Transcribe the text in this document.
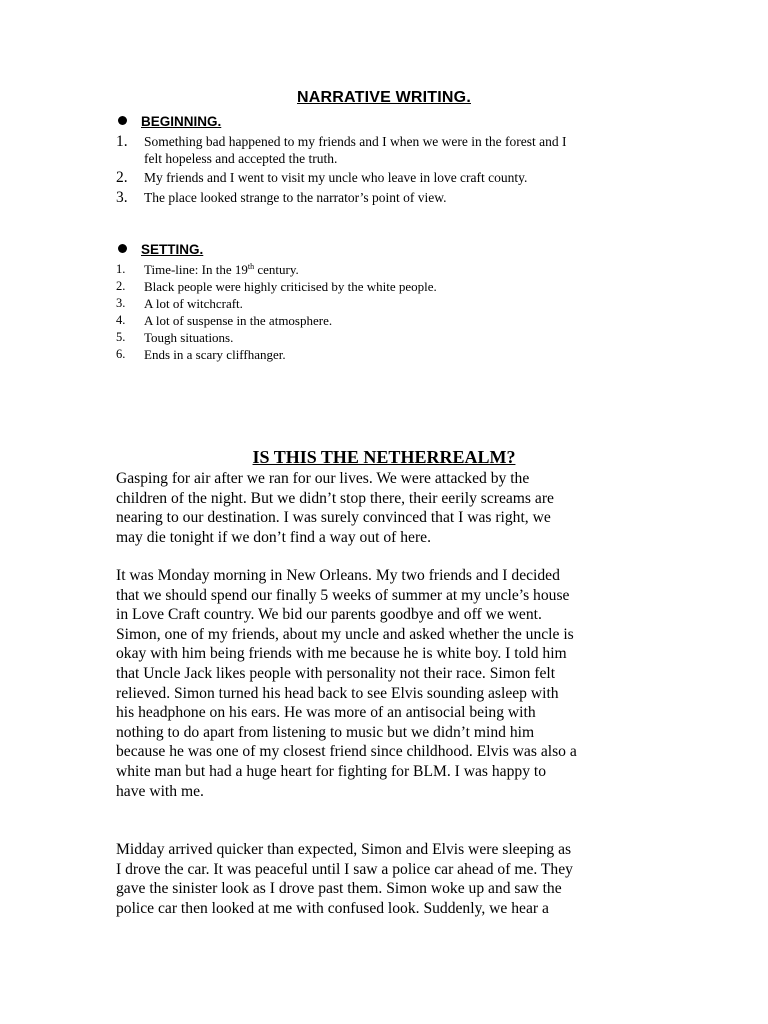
NARRATIVE WRITING.
BEGINNING.
1. Something bad happened to my friends and I when we were in the forest and I
felt hopeless and accepted the truth.
2. My friends and I went to visit my uncle who leave in love craft county.
3. The place looked strange to the narrator’s point of view.
SETTING.
1. Time-line: In the 19th century.
2. Black people were highly criticised by the white people.
3. A lot of witchcraft.
4. A lot of suspense in the atmosphere.
5. Tough situations.
6. Ends in a scary cliffhanger.
IS THIS THE NETHERREALM?

Gasping for air after we ran for our lives. We were attacked by the
children of the night. But we didn’t stop there, their eerily screams are
nearing to our destination. I was surely convinced that I was right, we
may die tonight if we don’t find a way out of here.

It was Monday morning in New Orleans. My two friends and I decided
that we should spend our finally 5 weeks of summer at my uncle’s house
in Love Craft country. We bid our parents goodbye and off we went.
Simon, one of my friends, about my uncle and asked whether the uncle is
okay with him being friends with me because he is white boy. I told him
that Uncle Jack likes people with personality not their race. Simon felt
relieved. Simon turned his head back to see Elvis sounding asleep with
his headphone on his ears. He was more of an antisocial being with
nothing to do apart from listening to music but we didn’t mind him
because he was one of my closest friend since childhood. Elvis was also a
white man but had a huge heart for fighting for BLM. I was happy to
have with me.

Midday arrived quicker than expected, Simon and Elvis were sleeping as
I drove the car. It was peaceful until I saw a police car ahead of me. They
gave the sinister look as I drove past them. Simon woke up and saw the
police car then looked at me with confused look. Suddenly, we hear a
